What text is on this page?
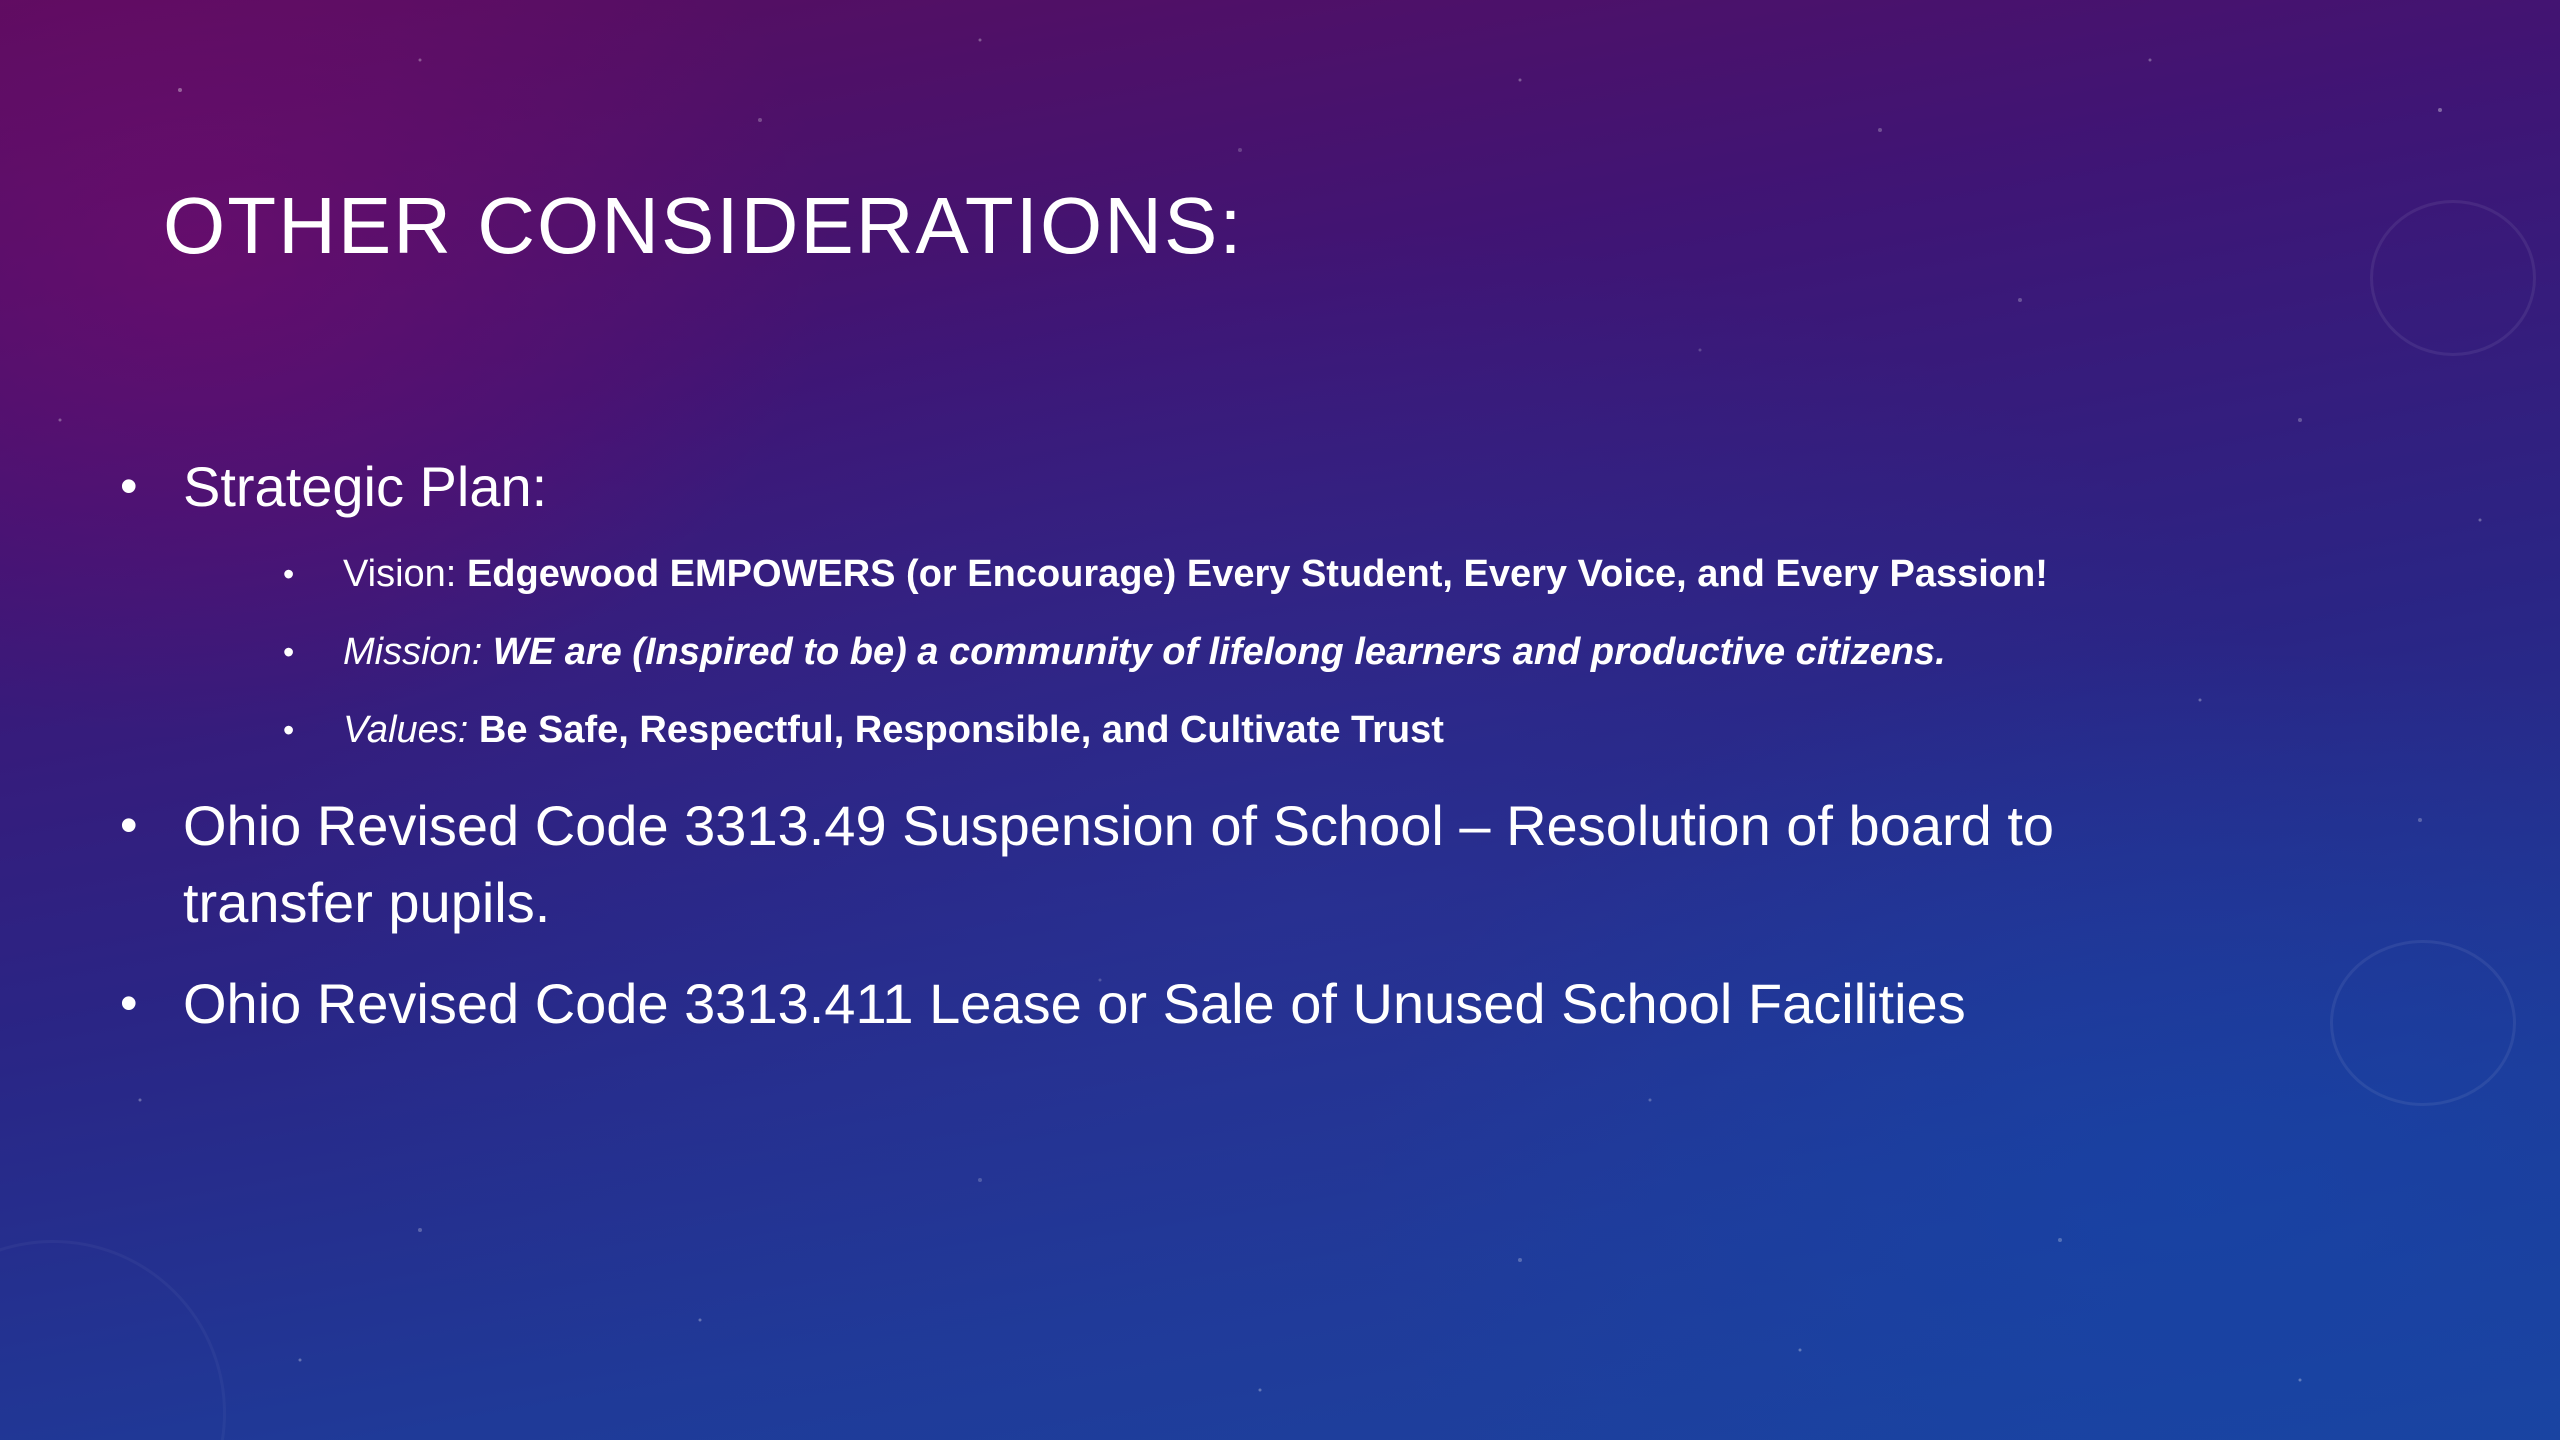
OTHER CONSIDERATIONS:
• Strategic Plan:
• Vision: Edgewood EMPOWERS (or Encourage) Every Student, Every Voice, and Every Passion!
• Mission: WE are (Inspired to be) a community of lifelong learners and productive citizens.
• Values: Be Safe, Respectful, Responsible, and Cultivate Trust
• Ohio Revised Code 3313.49 Suspension of School – Resolution of board to transfer pupils.
• Ohio Revised Code 3313.411 Lease or Sale of Unused School Facilities
